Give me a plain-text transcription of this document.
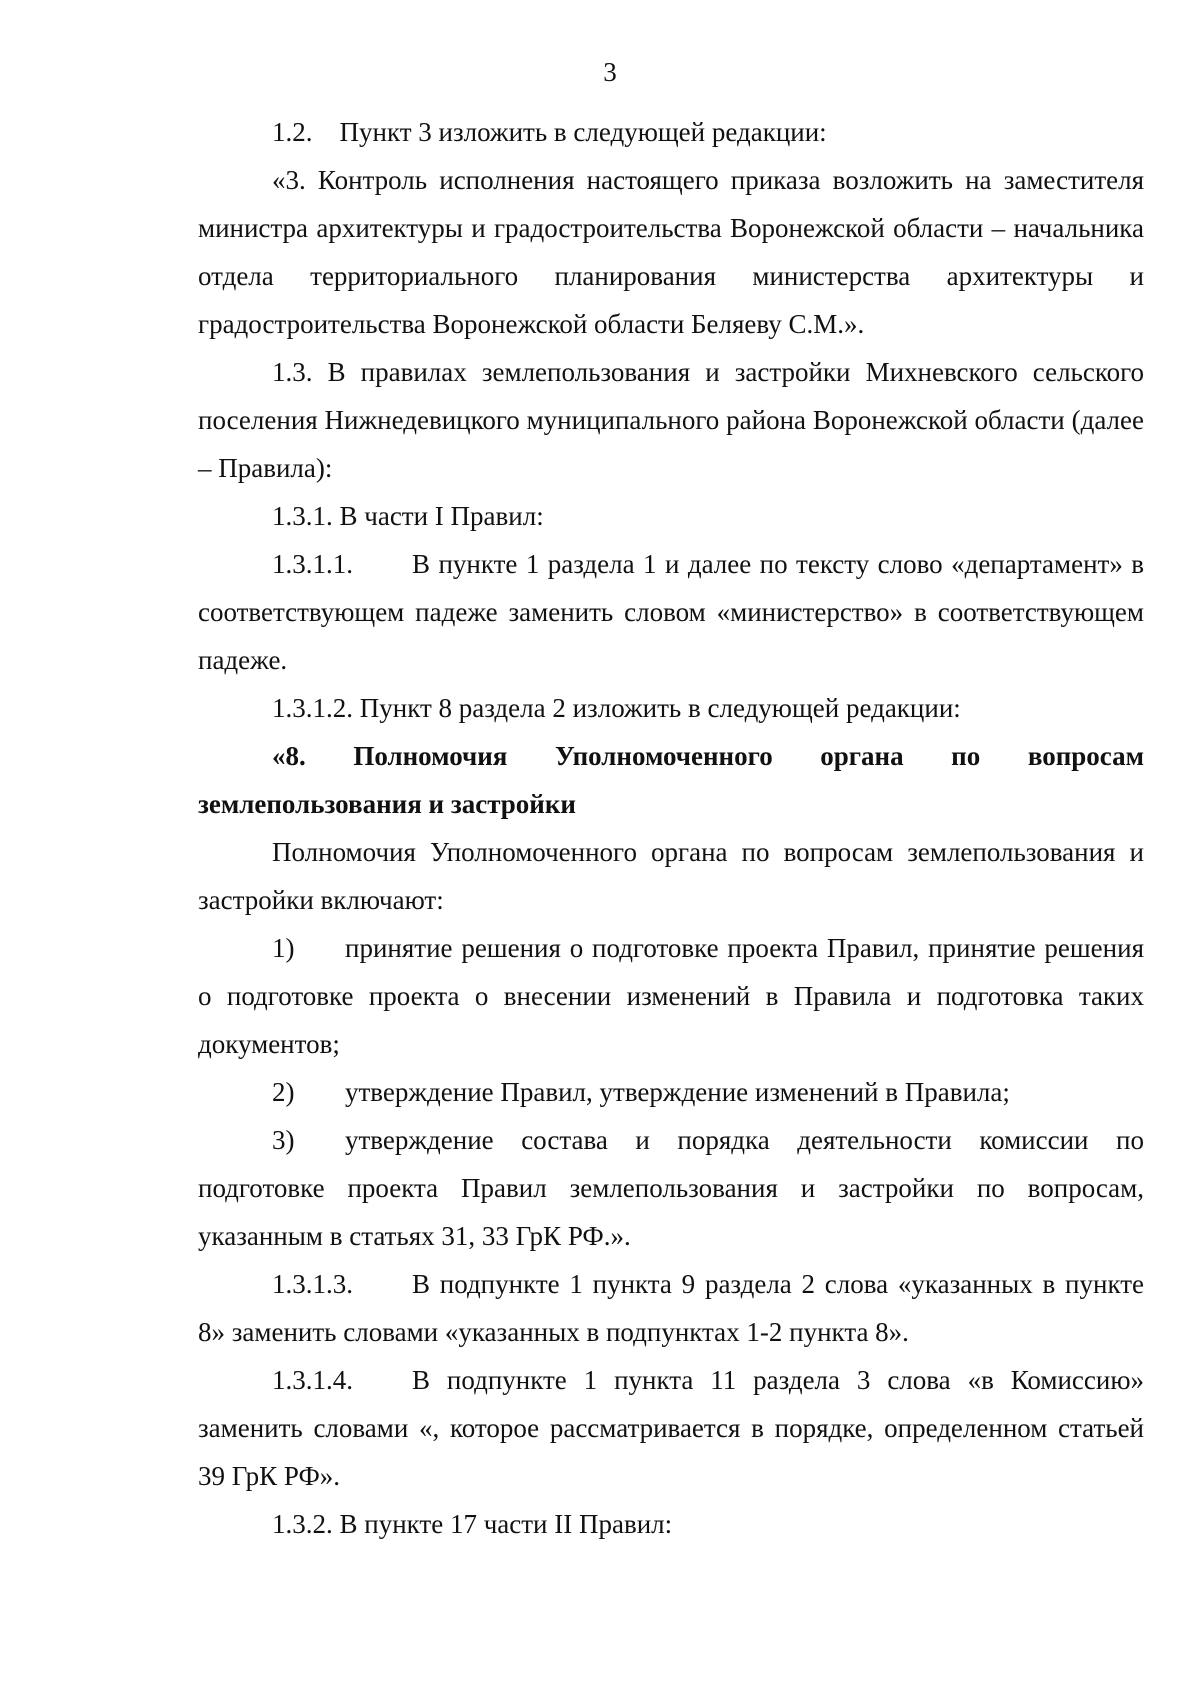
3

1.2.    Пункт 3 изложить в следующей редакции:

«3. Контроль исполнения настоящего приказа возложить на заместителя министра архитектуры и градостроительства Воронежской области – начальника отдела территориального планирования министерства архитектуры и градостроительства Воронежской области Беляеву С.М.».

1.3. В правилах землепользования и застройки Михневского сельского поселения Нижнедевицкого муниципального района Воронежской области (далее – Правила):

1.3.1. В части I Правил:

1.3.1.1. В пункте 1 раздела 1 и далее по тексту слово «департамент» в соответствующем падеже заменить словом «министерство» в соответствующем падеже.

1.3.1.2. Пункт 8 раздела 2 изложить в следующей редакции:

«8. Полномочия Уполномоченного органа по вопросам землепользования и застройки

Полномочия Уполномоченного органа по вопросам землепользования и застройки включают:

1) принятие решения о подготовке проекта Правил, принятие решения о подготовке проекта о внесении изменений в Правила и подготовка таких документов;

2) утверждение Правил, утверждение изменений в Правила;

3) утверждение состава и порядка деятельности комиссии по подготовке проекта Правил землепользования и застройки по вопросам, указанным в статьях 31, 33 ГрК РФ.».

1.3.1.3. В подпункте 1 пункта 9 раздела 2 слова «указанных в пункте 8» заменить словами «указанных в подпунктах 1-2 пункта 8».

1.3.1.4. В подпункте 1 пункта 11 раздела 3 слова «в Комиссию» заменить словами «, которое рассматривается в порядке, определенном статьей 39 ГрК РФ».

1.3.2. В пункте 17 части II Правил:
